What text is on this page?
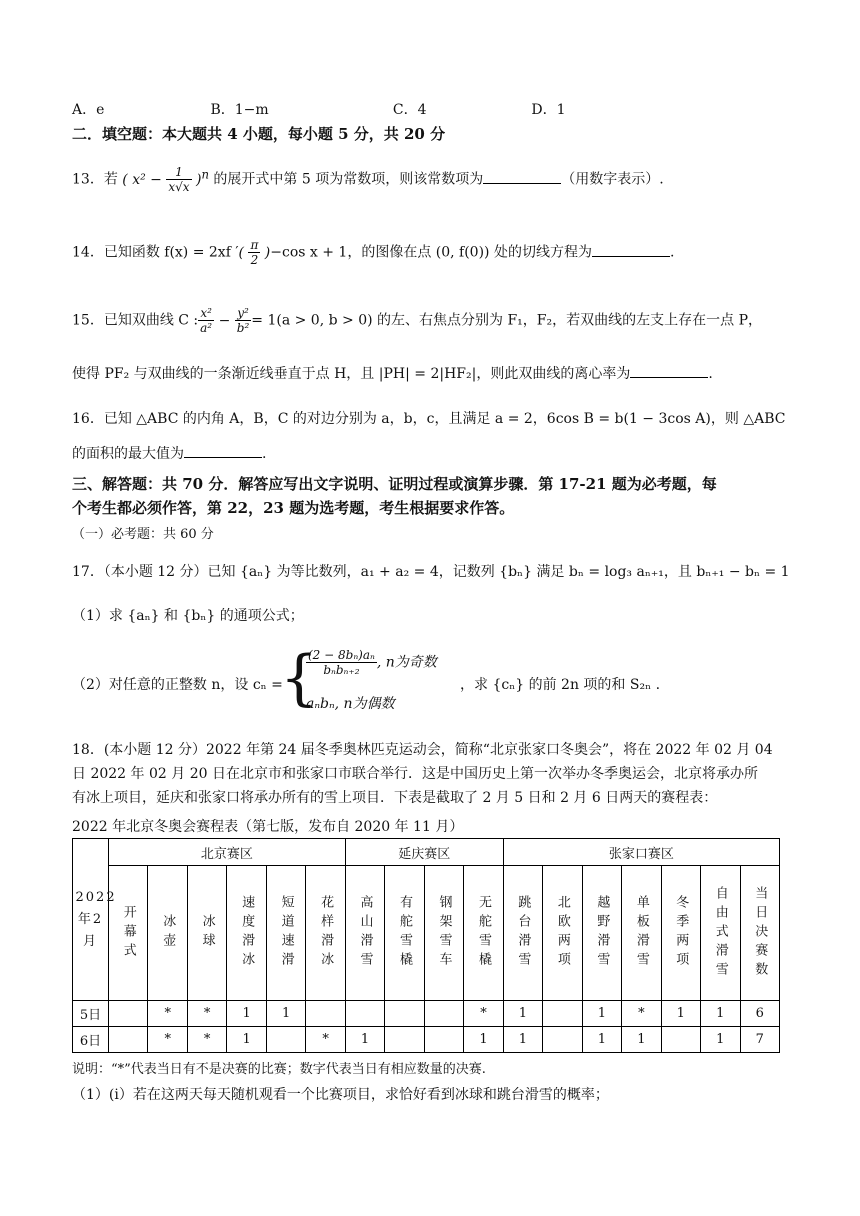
A．e	B．1−m	C．4	D．1
二．填空题：本大题共 4 小题，每小题 5 分，共 20 分
13．若 ( $x^2 - \frac{1}{x√x} )^n$ 的展开式中第 5 项为常数项，则该常数项为	（用数字表示）.
14．已知函数 f(x) = 2xf ′( $\frac{\pi}{2} )-\cos$ x + 1，的图像在点 (0, f(0)) 处的切线方程为	.
15．已知双曲线 C : $\frac{\text{x²}}{\text{a²}} - \frac{\text{y²}}{\text{b²}} = 1(a > 0$, b > 0) 的左、右焦点分别为 F₁，F₂，若双曲线的左支上存在一点 P，
使得 PF₂ 与双曲线的一条渐近线垂直于点 H，且 |PH| = 2|HF₂|，则此双曲线的离心率为	.
16．已知 △ABC 的内角 A，B，C 的对边分别为 a，b，c，且满足 a = 2，6cos B = b(1 − 3cos A)，则 △ABC
的面积的最大值为	.
三、解答题：共 70 分．解答应写出文字说明、证明过程或演算步骤．第 17-21 题为必考题，每
个考生都必须作答，第 22，23 题为选考题，考生根据要求作答。
（一）必考题：共 60 分
17．（本小题 12 分）已知 {aₙ} 为等比数列，a₁ + a₂ = 4，记数列 {bₙ} 满足 bₙ = log₃ aₙ₊₁，且 bₙ₊₁ − bₙ = 1
（1）求 {aₙ} 和 {bₙ} 的通项公式；
（2）对任意的正整数 n，设 cₙ =
{
$\frac{\text{(2 − 8bₙ)aₙ}}{\text{bₙbₙ₊₂}}$ , n为奇数
aₙbₙ, n为偶数
，求 {cₙ} 的前 2n 项的和 S₂ₙ .
18．(本小题 12 分）2022 年第 24 届冬季奥林匹克运动会，简称“北京张家口冬奥会”，将在 2022 年 02 月 04
日 2022 年 02 月 20 日在北京市和张家口市联合举行．这是中国历史上第一次举办冬季奥运会，北京将承办所
有冰上项目，延庆和张家口将承办所有的雪上项目．下表是截取了 2 月 5 日和 2 月 6 日两天的赛程表：
2022 年北京冬奥会赛程表（第七版，发布自 2020 年 11 月）
2022年2月	北京赛区						延庆赛区				张家口赛区						

	开幕式	冰壶	冰球	速度滑冰	短道速滑	花样滑冰	高山滑雪	有舵雪橇	钢架雪车	无舵雪橇	跳台滑雪	北欧两项	越野滑雪	单板滑雪	冬季两项	自由式滑雪	当日决赛数

5日		*	*	1	1					*	1		1	*	1	1	6
6日		*	*	1		*	1			1	1		1	1		1	7
说明：“*”代表当日有不是决赛的比赛；数字代表当日有相应数量的决赛.
（1）(i）若在这两天每天随机观看一个比赛项目，求恰好看到冰球和跳台滑雪的概率；
